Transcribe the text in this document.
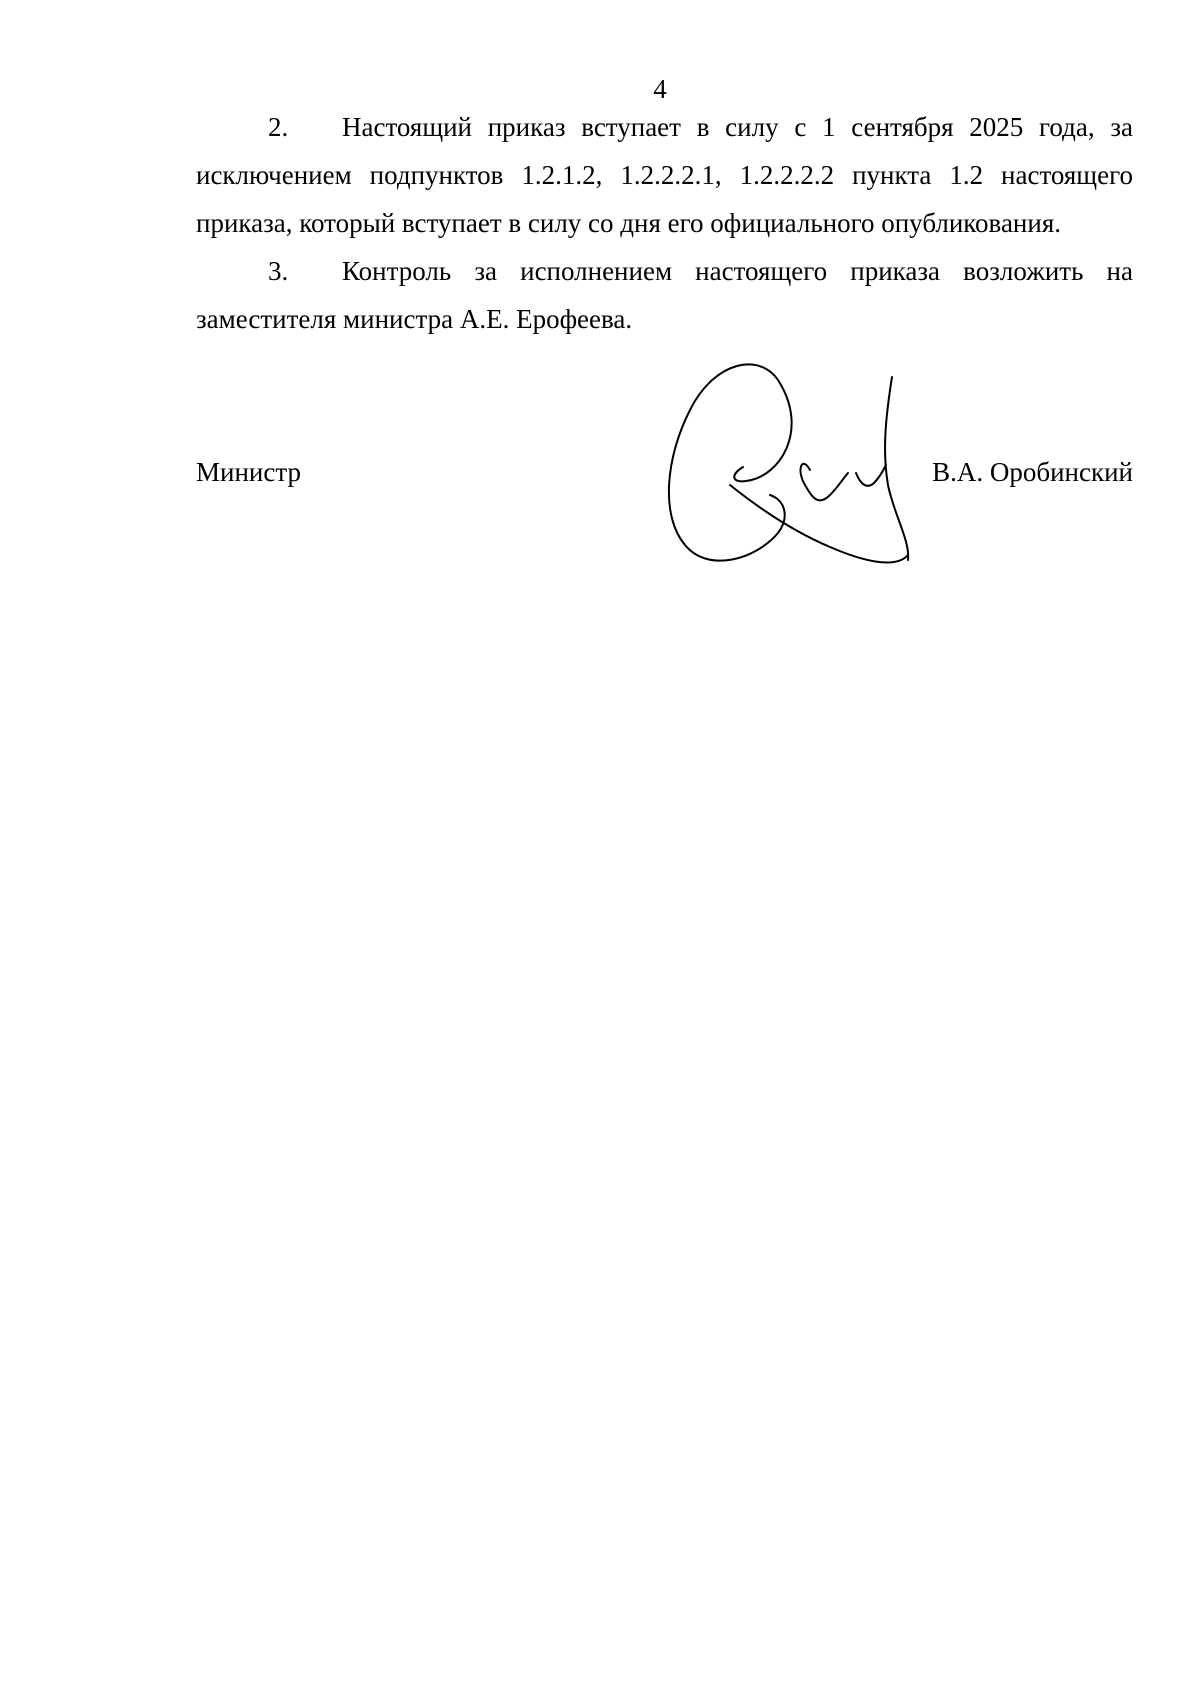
4
2. Настоящий приказ вступает в силу с 1 сентября 2025 года, за
исключением подпунктов 1.2.1.2, 1.2.2.2.1, 1.2.2.2.2 пункта 1.2 настоящего
приказа, который вступает в силу со дня его официального опубликования.
3. Контроль за исполнением настоящего приказа возложить на
заместителя министра А.Е. Ерофеева.
Министр	В.А. Оробинский
